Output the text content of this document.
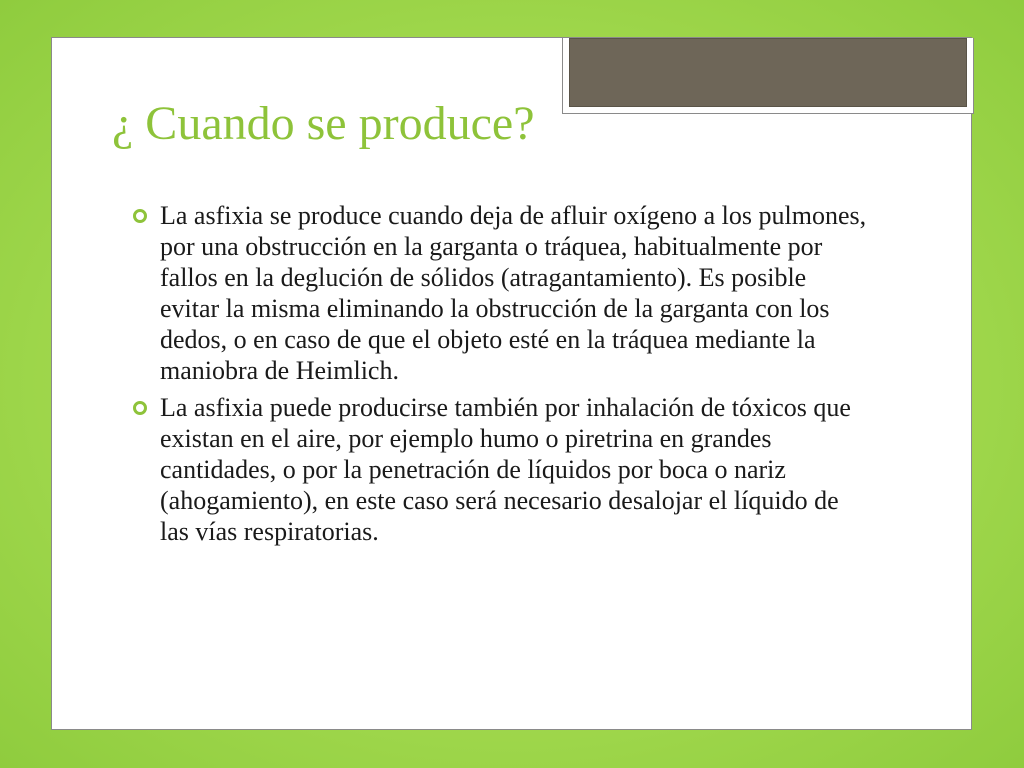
¿ Cuando se produce?
La asfixia se produce cuando deja de afluir oxígeno a los pulmones, por una obstrucción en la garganta o tráquea, habitualmente por fallos en la deglución de sólidos (atragantamiento). Es posible evitar la misma eliminando la obstrucción de la garganta con los dedos, o en caso de que el objeto esté en la tráquea mediante la maniobra de Heimlich.
La asfixia puede producirse también por inhalación de tóxicos que existan en el aire, por ejemplo humo o piretrina en grandes cantidades, o por la penetración de líquidos por boca o nariz (ahogamiento), en este caso será necesario desalojar el líquido de las vías respiratorias.
